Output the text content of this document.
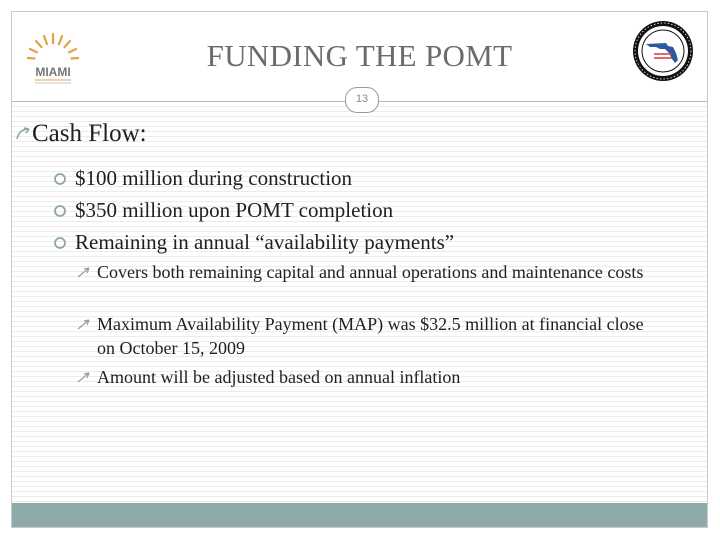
MIAMI	FUNDING THE POMT
13
Cash Flow:
$100 million during construction
$350 million upon POMT completion
Remaining in annual “availability payments”
Covers both remaining capital and annual operations and maintenance costs
Maximum Availability Payment (MAP) was $32.5 million at financial close on October 15, 2009
Amount will be adjusted based on annual inflation
